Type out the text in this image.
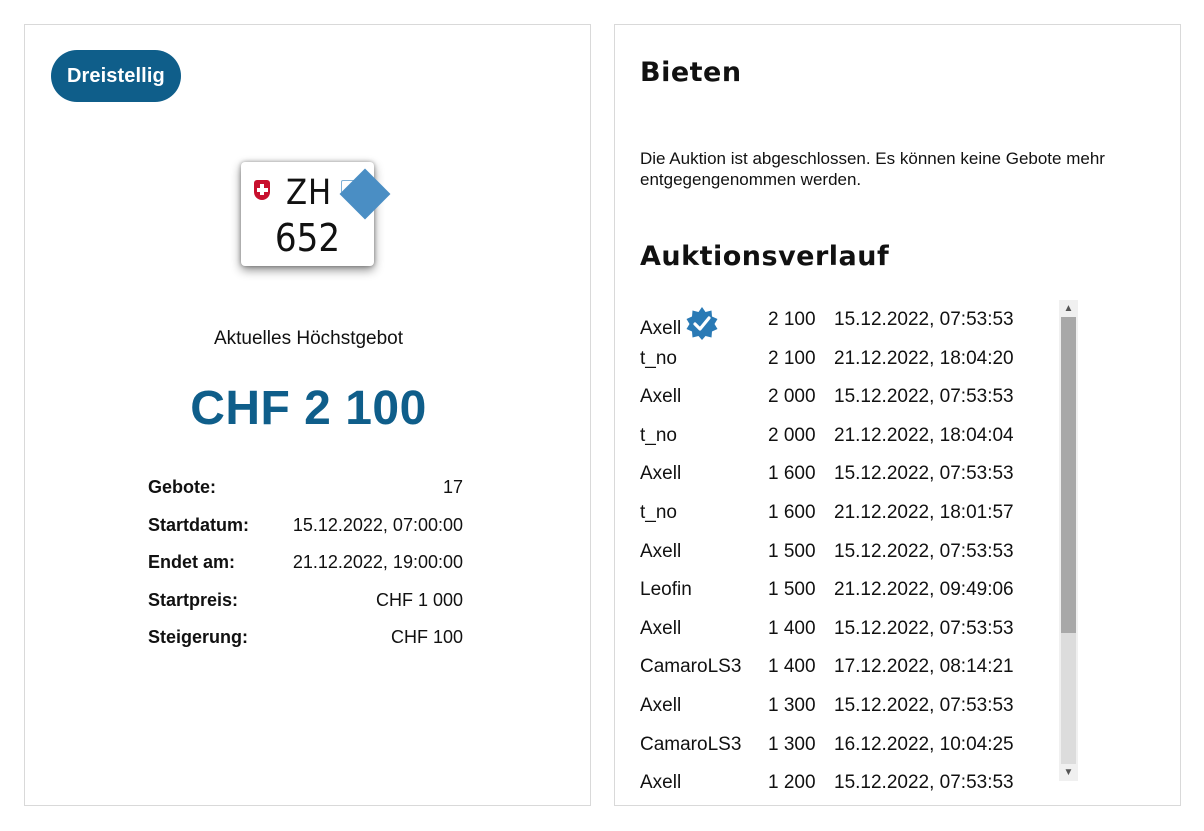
Dreistellig
ZH
652
Aktuelles Höchstgebot
CHF 2 100
Gebote:	17
Startdatum: 15.12.2022, 07:00:00
Endet am:	21.12.2022, 19:00:00
Startpreis:	CHF 1 000
Steigerung:	CHF 100
Bieten
Die Auktion ist abgeschlossen. Es können keine Gebote mehr entgegengenommen werden.
Auktionsverlauf
Axell	2 100 15.12.2022, 07:53:53
t_no	2 100 21.12.2022, 18:04:20
Axell	2 000 15.12.2022, 07:53:53
t_no	2 000 21.12.2022, 18:04:04
Axell	1 600 15.12.2022, 07:53:53
t_no	1 600 21.12.2022, 18:01:57
Axell	1 500 15.12.2022, 07:53:53
Leofin	1 500 21.12.2022, 09:49:06
Axell	1 400 15.12.2022, 07:53:53
CamaroLS3 1 400 17.12.2022, 08:14:21
Axell	1 300 15.12.2022, 07:53:53
CamaroLS3 1 300 16.12.2022, 10:04:25
Axell	1 200 15.12.2022, 07:53:53
▲
▼
